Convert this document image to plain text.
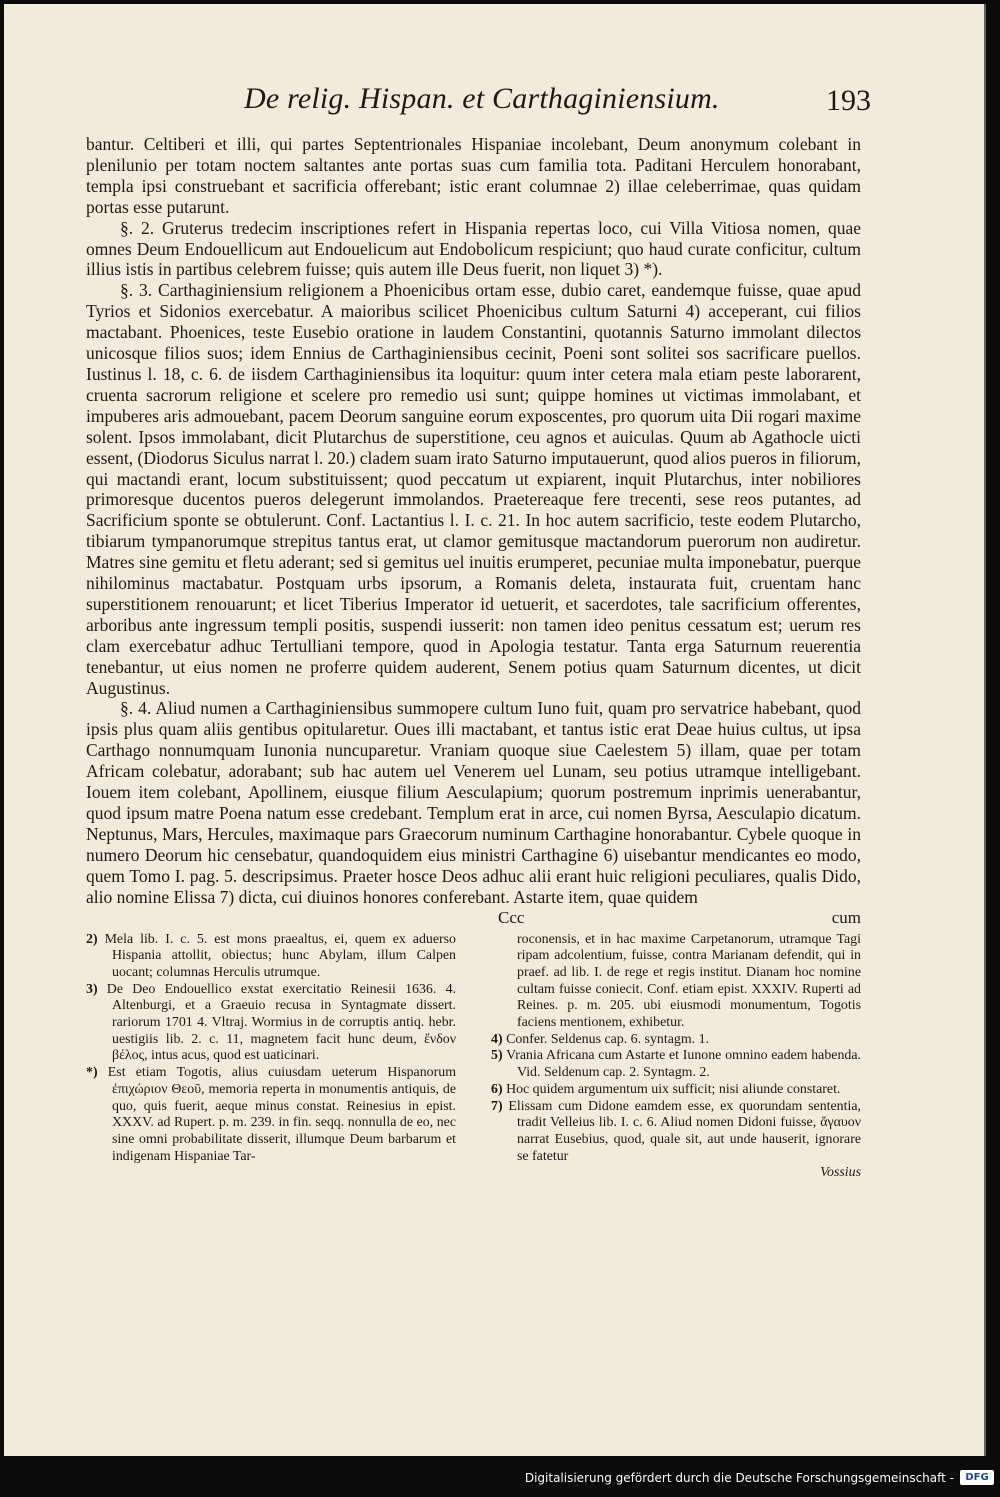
De relig. Hispan. et Carthaginiensium.	193

bantur. Celtiberi et illi, qui partes Septentrionales Hispaniae incolebant, Deum anonymum colebant in plenilunio per totam noctem saltantes ante portas suas cum familia tota. Paditani Herculem honorabant, templa ipsi construebant et sacrificia offerebant; istic erant columnae 2) illae celeberrimae, quas quidam portas esse putarunt.

§. 2. Gruterus tredecim inscriptiones refert in Hispania repertas loco, cui Villa Vitiosa nomen, quae omnes Deum Endouellicum aut Endouelicum aut Endobolicum respiciunt; quo haud curate conficitur, cultum illius istis in partibus celebrem fuisse; quis autem ille Deus fuerit, non liquet 3) *).

§. 3. Carthaginiensium religionem a Phoenicibus ortam esse, dubio caret, eandemque fuisse, quae apud Tyrios et Sidonios exercebatur. A maioribus scilicet Phoenicibus cultum Saturni 4) acceperant, cui filios mactabant. Phoenices, teste Eusebio oratione in laudem Constantini, quotannis Saturno immolant dilectos unicosque filios suos; idem Ennius de Carthaginiensibus cecinit, Poeni sont solitei sos sacrificare puellos. Iustinus l. 18, c. 6. de iisdem Carthaginiensibus ita loquitur: quum inter cetera mala etiam peste laborarent, cruenta sacrorum religione et scelere pro remedio usi sunt; quippe homines ut victimas immolabant, et impuberes aris admouebant, pacem Deorum sanguine eorum exposcentes, pro quorum uita Dii rogari maxime solent. Ipsos immolabant, dicit Plutarchus de superstitione, ceu agnos et auiculas. Quum ab Agathocle uicti essent, (Diodorus Siculus narrat l. 20.) cladem suam irato Saturno imputauerunt, quod alios pueros in filiorum, qui mactandi erant, locum substituissent; quod peccatum ut expiarent, inquit Plutarchus, inter nobiliores primoresque ducentos pueros delegerunt immolandos. Praetereaque fere trecenti, sese reos putantes, ad Sacrificium sponte se obtulerunt. Conf. Lactantius l. I. c. 21. In hoc autem sacrificio, teste eodem Plutarcho, tibiarum tympanorumque strepitus tantus erat, ut clamor gemitusque mactandorum puerorum non audiretur. Matres sine gemitu et fletu aderant; sed si gemitus uel inuitis erumperet, pecuniae multa imponebatur, puerque nihilominus mactabatur. Postquam urbs ipsorum, a Romanis deleta, instaurata fuit, cruentam hanc superstitionem renouarunt; et licet Tiberius Imperator id uetuerit, et sacerdotes, tale sacrificium offerentes, arboribus ante ingressum templi positis, suspendi iusserit: non tamen ideo penitus cessatum est; uerum res clam exercebatur adhuc Tertulliani tempore, quod in Apologia testatur. Tanta erga Saturnum reuerentia tenebantur, ut eius nomen ne proferre quidem auderent, Senem potius quam Saturnum dicentes, ut dicit Augustinus.

§. 4. Aliud numen a Carthaginiensibus summopere cultum Iuno fuit, quam pro servatrice habebant, quod ipsis plus quam aliis gentibus opitularetur. Oues illi mactabant, et tantus istic erat Deae huius cultus, ut ipsa Carthago nonnumquam Iunonia nuncuparetur. Vraniam quoque siue Caelestem 5) illam, quae per totam Africam colebatur, adorabant; sub hac autem uel Venerem uel Lunam, seu potius utramque intelligebant. Iouem item colebant, Apollinem, eiusque filium Aesculapium; quorum postremum inprimis uenerabantur, quod ipsum matre Poena natum esse credebant. Templum erat in arce, cui nomen Byrsa, Aesculapio dicatum. Neptunus, Mars, Hercules, maximaque pars Graecorum numinum Carthagine honorabantur. Cybele quoque in numero Deorum hic censebatur, quandoquidem eius ministri Carthagine 6) uisebantur mendicantes eo modo, quem Tomo I. pag. 5. descripsimus. Praeter hosce Deos adhuc alii erant huic religioni peculiares, qualis Dido, alio nomine Elissa 7) dicta, cui diuinos honores conferebant. Astarte item, quae quidem

Ccc	cum

2) Mela lib. I. c. 5. est mons praealtus, ei, quem ex aduerso Hispania attollit, obiectus; hunc Abylam, illum Calpen uocant; columnas Herculis utrumque.

3) De Deo Endouellico exstat exercitatio Reinesii 1636. 4. Altenburgi, et a Graeuio recusa in Syntagmate dissert. rariorum 1701 4. Vltraj. Wormius in de corruptis antiq. hebr. uestigiis lib. 2. c. 11, magnetem facit hunc deum, ἔνδον βέλος, intus acus, quod est uaticinari.

*) Est etiam Togotis, alius cuiusdam ueterum Hispanorum ἐπιχώριον Θεοῦ, memoria reperta in monumentis antiquis, de quo, quis fuerit, aeque minus constat. Reinesius in epist. XXXV. ad Rupert. p. m. 239. in fin. seqq. nonnulla de eo, nec sine omni probabilitate disserit, illumque Deum barbarum et indigenam Hispaniae Tar-

roconensis, et in hac maxime Carpetanorum, utramque Tagi ripam adcolentium, fuisse, contra Marianam defendit, qui in praef. ad lib. I. de rege et regis institut. Dianam hoc nomine cultam fuisse coniecit. Conf. etiam epist. XXXIV. Ruperti ad Reines. p. m. 205. ubi eiusmodi monumentum, Togotis faciens mentionem, exhibetur.

4) Confer. Seldenus cap. 6. syntagm. 1.

5) Vrania Africana cum Astarte et Iunone omnino eadem habenda. Vid. Seldenum cap. 2. Syntagm. 2.

6) Hoc quidem argumentum uix sufficit; nisi aliunde constaret.

7) Elissam cum Didone eamdem esse, ex quorundam sententia, tradit Velleius lib. I. c. 6. Aliud nomen Didoni fuisse, ἄγαυον narrat Eusebius, quod, quale sit, aut unde hauserit, ignorare se fatetur

Vossius

Digitalisierung gefördert durch die Deutsche Forschungsgemeinschaft -	DFG
